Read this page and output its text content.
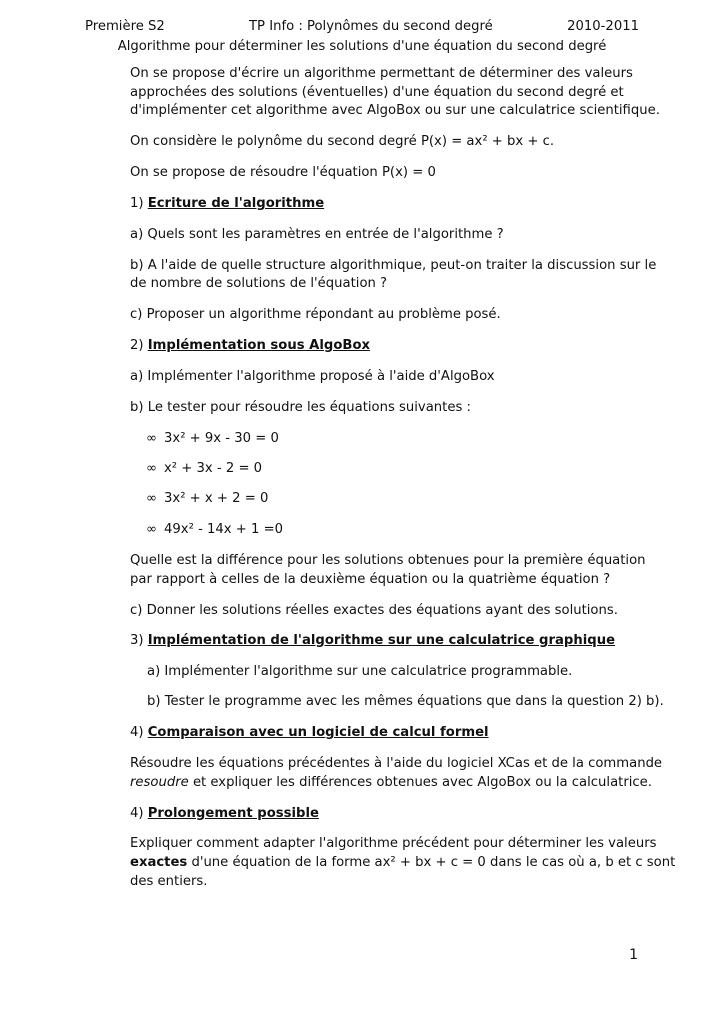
Première S2	TP Info : Polynômes du second degré	2010-2011
Algorithme pour déterminer les solutions d'une équation du second degré
On se propose d'écrire un algorithme permettant de déterminer des valeurs
approchées des solutions (éventuelles) d'une équation du second degré et
d'implémenter cet algorithme avec AlgoBox ou sur une calculatrice scientifique.
On considère le polynôme du second degré P(x) = ax² + bx + c.
On se propose de résoudre l'équation P(x) = 0
1) Ecriture de l'algorithme
a) Quels sont les paramètres en entrée de l'algorithme ?
b) A l'aide de quelle structure algorithmique, peut-on traiter la discussion sur le
de nombre de solutions de l'équation ?
c) Proposer un algorithme répondant au problème posé.
2) Implémentation sous AlgoBox
a) Implémenter l'algorithme proposé à l'aide d'AlgoBox
b) Le tester pour résoudre les équations suivantes :
∞ 3x² + 9x - 30 = 0
∞ x² + 3x - 2 = 0
∞ 3x² + x + 2 = 0
∞ 49x² - 14x + 1 =0
Quelle est la différence pour les solutions obtenues pour la première équation
par rapport à celles de la deuxième équation ou la quatrième équation ?
c) Donner les solutions réelles exactes des équations ayant des solutions.
3) Implémentation de l'algorithme sur une calculatrice graphique
a) Implémenter l'algorithme sur une calculatrice programmable.
b) Tester le programme avec les mêmes équations que dans la question 2) b).
4) Comparaison avec un logiciel de calcul formel
Résoudre les équations précédentes à l'aide du logiciel XCas et de la commande
resoudre et expliquer les différences obtenues avec AlgoBox ou la calculatrice.
4) Prolongement possible
Expliquer comment adapter l'algorithme précédent pour déterminer les valeurs
exactes d'une équation de la forme ax² + bx + c = 0 dans le cas où a, b et c sont
des entiers.
1
